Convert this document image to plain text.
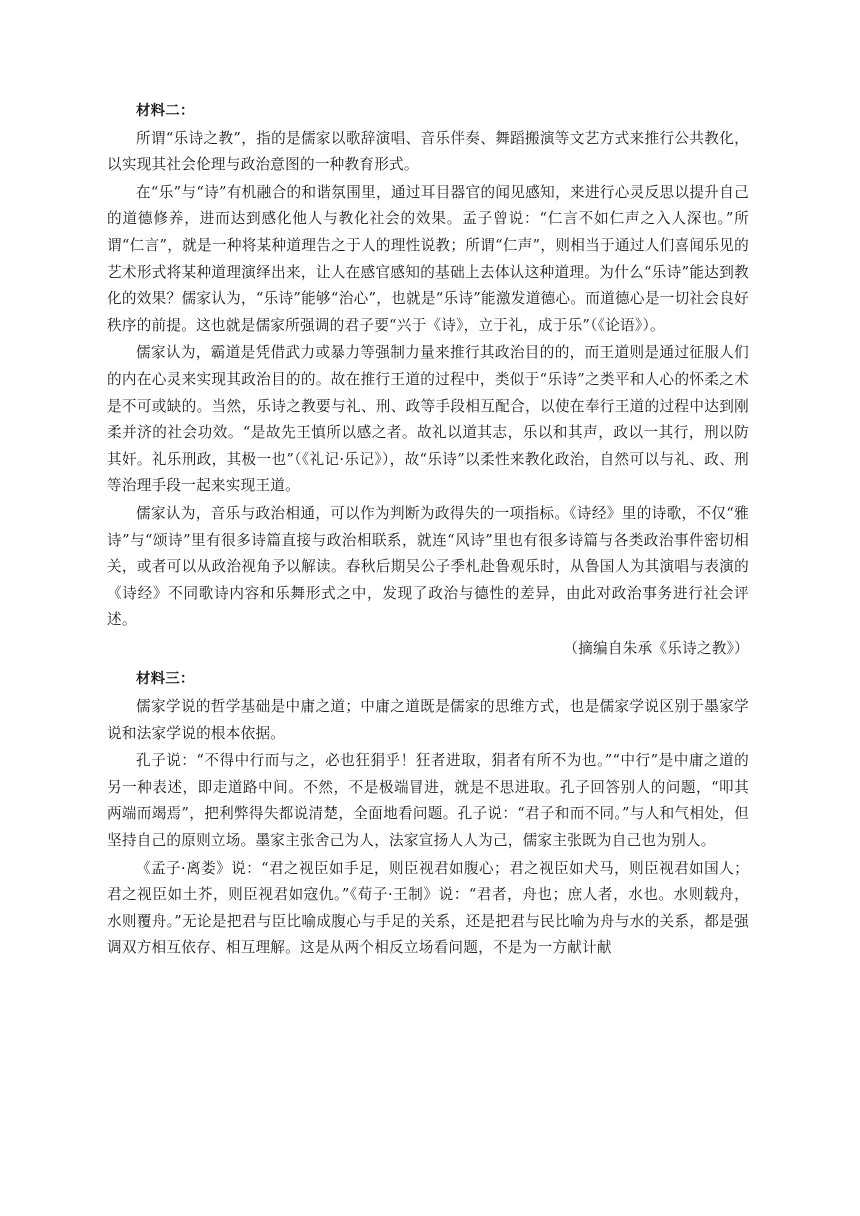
材料二：

所谓“乐诗之教”，指的是儒家以歌辞演唱、音乐伴奏、舞蹈搬演等文艺方式来推行公共教化，以实现其社会伦理与政治意图的一种教育形式。

在“乐”与“诗”有机融合的和谐氛围里，通过耳目器官的闻见感知，来进行心灵反思以提升自己的道德修养，进而达到感化他人与教化社会的效果。孟子曾说：“仁言不如仁声之入人深也。”所谓“仁言”，就是一种将某种道理告之于人的理性说教；所谓“仁声”，则相当于通过人们喜闻乐见的艺术形式将某种道理演绎出来，让人在感官感知的基础上去体认这种道理。为什么“乐诗”能达到教化的效果？儒家认为，“乐诗”能够“治心”，也就是“乐诗”能激发道德心。而道德心是一切社会良好秩序的前提。这也就是儒家所强调的君子要“兴于《诗》，立于礼，成于乐”（《论语》）。

儒家认为，霸道是凭借武力或暴力等强制力量来推行其政治目的的，而王道则是通过征服人们的内在心灵来实现其政治目的的。故在推行王道的过程中，类似于“乐诗”之类平和人心的怀柔之术是不可或缺的。当然，乐诗之教要与礼、刑、政等手段相互配合，以使在奉行王道的过程中达到刚柔并济的社会功效。“是故先王慎所以感之者。故礼以道其志，乐以和其声，政以一其行，刑以防其奸。礼乐刑政，其极一也”（《礼记·乐记》），故“乐诗”以柔性来教化政治，自然可以与礼、政、刑等治理手段一起来实现王道。

儒家认为，音乐与政治相通，可以作为判断为政得失的一项指标。《诗经》里的诗歌，不仅“雅诗”与“颂诗”里有很多诗篇直接与政治相联系，就连“风诗”里也有很多诗篇与各类政治事件密切相关，或者可以从政治视角予以解读。春秋后期吴公子季札赴鲁观乐时，从鲁国人为其演唱与表演的《诗经》不同歌诗内容和乐舞形式之中，发现了政治与德性的差异，由此对政治事务进行社会评述。

（摘编自朱承《乐诗之教》）

材料三：

儒家学说的哲学基础是中庸之道；中庸之道既是儒家的思维方式，也是儒家学说区别于墨家学说和法家学说的根本依据。

孔子说：“不得中行而与之，必也狂狷乎！狂者进取，狷者有所不为也。”“中行”是中庸之道的另一种表述，即走道路中间。不然，不是极端冒进，就是不思进取。孔子回答别人的问题，“叩其两端而竭焉”，把利弊得失都说清楚，全面地看问题。孔子说：“君子和而不同。”与人和气相处，但坚持自己的原则立场。墨家主张舍己为人，法家宣扬人人为己，儒家主张既为自己也为别人。

《孟子·离娄》说：“君之视臣如手足，则臣视君如腹心；君之视臣如犬马，则臣视君如国人；君之视臣如土芥，则臣视君如寇仇。”《荀子·王制》说：“君者，舟也；庶人者，水也。水则载舟，水则覆舟。”无论是把君与臣比喻成腹心与手足的关系，还是把君与民比喻为舟与水的关系，都是强调双方相互依存、相互理解。这是从两个相反立场看问题，不是为一方献计献
